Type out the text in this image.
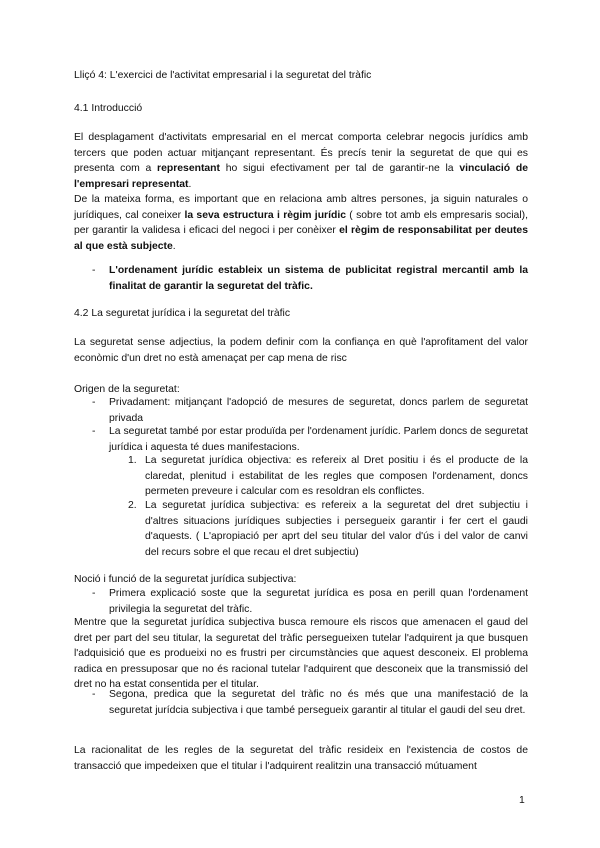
Lliçó 4: L'exercici de l'activitat empresarial i la seguretat del tràfic

4.1 Introducció

El desplagament d'activitats empresarial en el mercat comporta celebrar negocis jurídics amb tercers que poden actuar mitjançant representant. És precís tenir la seguretat de que qui es presenta com a representant ho sigui efectivament per tal de garantir-ne la vinculació de l'empresari representat.

De la mateixa forma, es important que en relaciona amb altres persones, ja siguin naturales o jurídiques, cal coneixer la seva estructura i règim jurídic ( sobre tot amb els empresaris social), per garantir la validesa i eficaci del negoci i per conèixer el règim de responsabilitat per deutes al que està subjecte.

- L'ordenament jurídic estableix un sistema de publicitat registral mercantil amb la finalitat de garantir la seguretat del tràfic.

4.2 La seguretat jurídica i la seguretat del tràfic

La seguretat sense adjectius, la podem definir com la confiança en què l'aprofitament del valor econòmic d'un dret no està amenaçat per cap mena de risc

Origen de la seguretat:

- Privadament: mitjançant l'adopció de mesures de seguretat, doncs parlem de seguretat privada

- La seguretat també por estar produïda per l'ordenament jurídic. Parlem doncs de seguretat jurídica i aquesta té dues manifestacions.

1. La seguretat jurídica objectiva: es refereix al Dret positiu i és el producte de la claredat, plenitud i estabilitat de les regles que composen l'ordenament, doncs permeten preveure i calcular com es resoldran els conflictes.

2. La seguretat jurídica subjectiva: es refereix a la seguretat del dret subjectiu i d'altres situacions jurídiques subjecties i persegueix garantir i fer cert el gaudi d'aquests. ( L'apropiació per aprt del seu titular del valor d'ús i del valor de canvi del recurs sobre el que recau el dret subjectiu)

Noció i funció de la seguretat jurídica subjectiva:

- Primera explicació soste que la seguretat jurídica es posa en perill quan l'ordenament privilegia la seguretat del tràfic.

Mentre que la seguretat jurídica subjectiva busca remoure els riscos que amenacen el gaud del dret per part del seu titular, la seguretat del tràfic persegueixen tutelar l'adquirent ja que busquen l'adquisició que es produeixi no es frustri per circumstàncies que aquest desconeix. El problema radica en pressuposar que no és racional tutelar l'adquirent que desconeix que la transmissió del dret no ha estat consentida per el titular.

- Segona, predica que la seguretat del tràfic no és més que una manifestació de la seguretat jurídcia subjectiva i que també persegueix garantir al titular el gaudi del seu dret.

La racionalitat de les regles de la seguretat del tràfic resideix en l'existencia de costos de transacció que impedeixen que el titular i l'adquirent realitzin una transacció mútuament

1
